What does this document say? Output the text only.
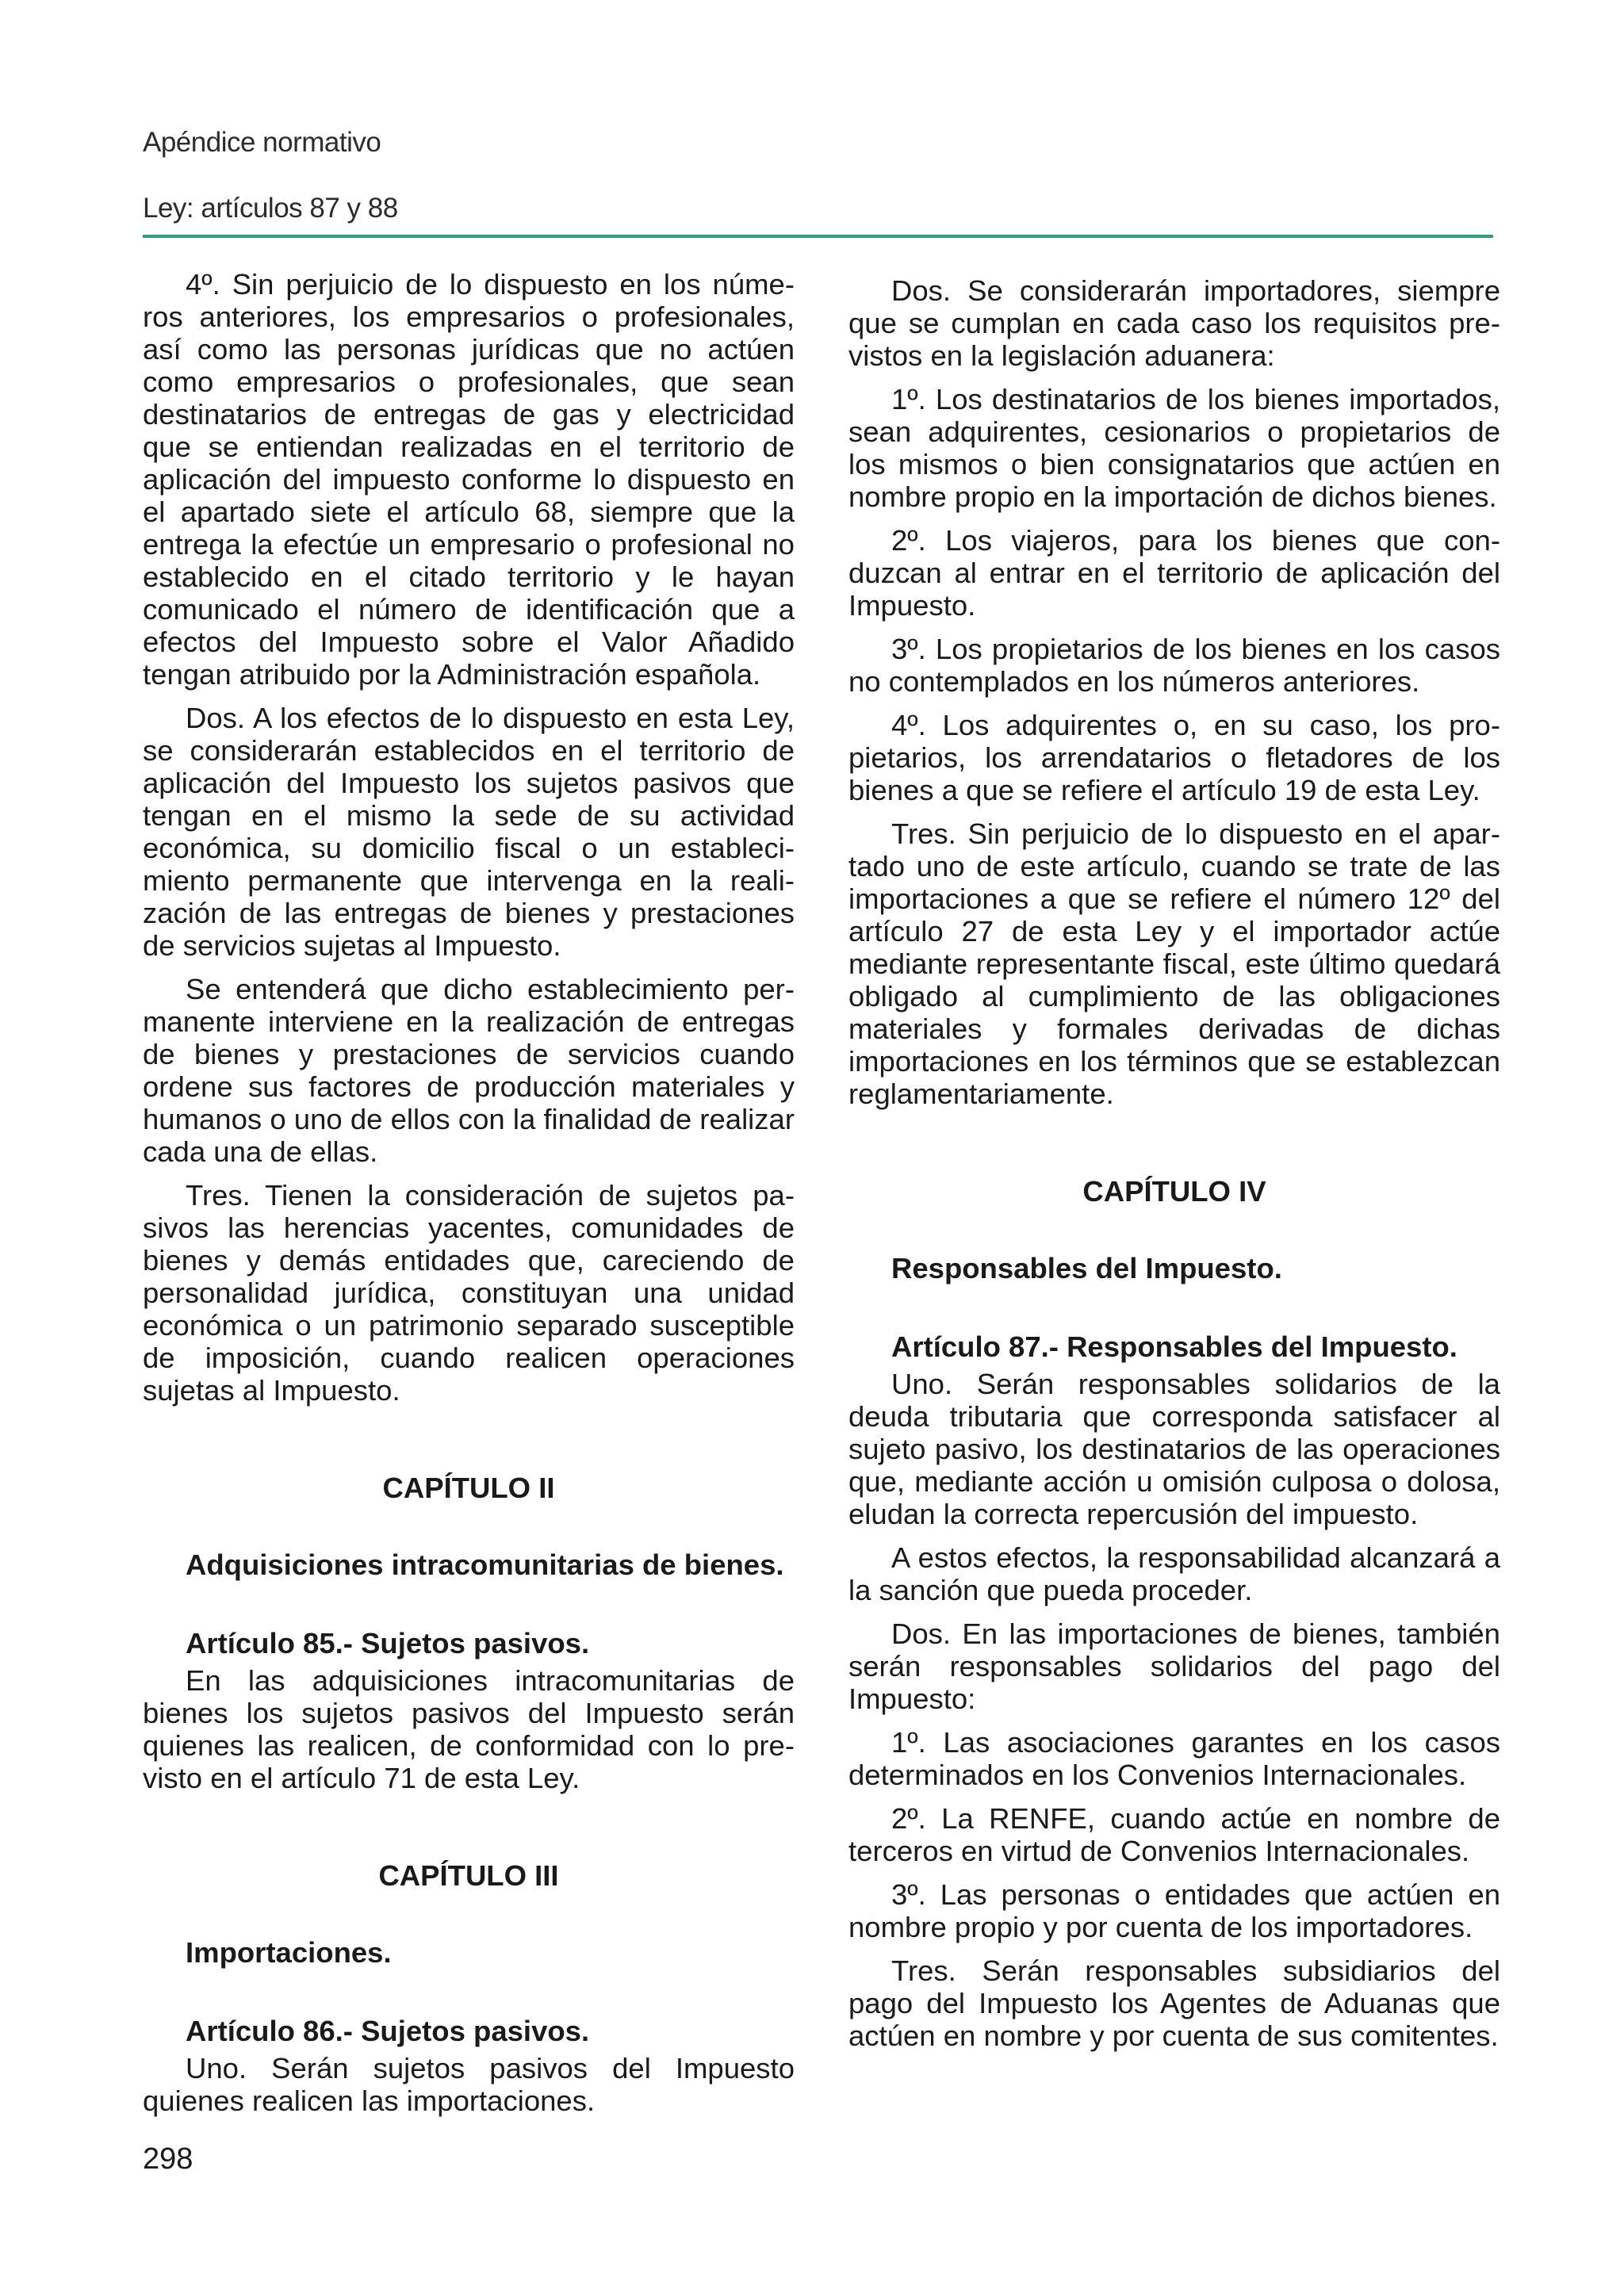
Apéndice normativo
Ley: artículos 87 y 88

4º. Sin perjuicio de lo dispuesto en los números anteriores, los empresarios o profesionales, así como las personas jurídicas que no actúen como empresarios o profesionales, que sean destinatarios de entregas de gas y electricidad que se entiendan realizadas en el territorio de aplicación del impuesto conforme lo dispuesto en el apartado siete el artículo 68, siempre que la entrega la efectúe un empresario o profesional no establecido en el citado territorio y le hayan comunicado el número de identificación que a efectos del Impuesto sobre el Valor Añadido tengan atribuido por la Administración española.

Dos. A los efectos de lo dispuesto en esta Ley, se considerarán establecidos en el territorio de aplicación del Impuesto los sujetos pasivos que tengan en el mismo la sede de su actividad económica, su domicilio fiscal o un establecimiento permanente que intervenga en la realización de las entregas de bienes y prestaciones de servicios sujetas al Impuesto.

Se entenderá que dicho establecimiento permanente interviene en la realización de entregas de bienes y prestaciones de servicios cuando ordene sus factores de producción materiales y humanos o uno de ellos con la finalidad de realizar cada una de ellas.

Tres. Tienen la consideración de sujetos pasivos las herencias yacentes, comunidades de bienes y demás entidades que, careciendo de personalidad jurídica, constituyan una unidad económica o un patrimonio separado susceptible de imposición, cuando realicen operaciones sujetas al Impuesto.

CAPÍTULO II
Adquisiciones intracomunitarias de bienes.
Artículo 85.- Sujetos pasivos.

En las adquisiciones intracomunitarias de bienes los sujetos pasivos del Impuesto serán quienes las realicen, de conformidad con lo previsto en el artículo 71 de esta Ley.

CAPÍTULO III
Importaciones.
Artículo 86.- Sujetos pasivos.

Uno. Serán sujetos pasivos del Impuesto quienes realicen las importaciones.

Dos. Se considerarán importadores, siempre que se cumplan en cada caso los requisitos previstos en la legislación aduanera:

1º. Los destinatarios de los bienes importados, sean adquirentes, cesionarios o propietarios de los mismos o bien consignatarios que actúen en nombre propio en la importación de dichos bienes.

2º. Los viajeros, para los bienes que conduzcan al entrar en el territorio de aplicación del Impuesto.

3º. Los propietarios de los bienes en los casos no contemplados en los números anteriores.

4º. Los adquirentes o, en su caso, los propietarios, los arrendatarios o fletadores de los bienes a que se refiere el artículo 19 de esta Ley.

Tres. Sin perjuicio de lo dispuesto en el apartado uno de este artículo, cuando se trate de las importaciones a que se refiere el número 12º del artículo 27 de esta Ley y el importador actúe mediante representante fiscal, este último quedará obligado al cumplimiento de las obligaciones materiales y formales derivadas de dichas importaciones en los términos que se establezcan reglamentariamente.

CAPÍTULO IV
Responsables del Impuesto.
Artículo 87.- Responsables del Impuesto.

Uno. Serán responsables solidarios de la deuda tributaria que corresponda satisfacer al sujeto pasivo, los destinatarios de las operaciones que, mediante acción u omisión culposa o dolosa, eludan la correcta repercusión del impuesto.

A estos efectos, la responsabilidad alcanzará a la sanción que pueda proceder.

Dos. En las importaciones de bienes, también serán responsables solidarios del pago del Impuesto:

1º. Las asociaciones garantes en los casos determinados en los Convenios Internacionales.

2º. La RENFE, cuando actúe en nombre de terceros en virtud de Convenios Internacionales.

3º. Las personas o entidades que actúen en nombre propio y por cuenta de los importadores.

Tres. Serán responsables subsidiarios del pago del Impuesto los Agentes de Aduanas que actúen en nombre y por cuenta de sus comitentes.

298
